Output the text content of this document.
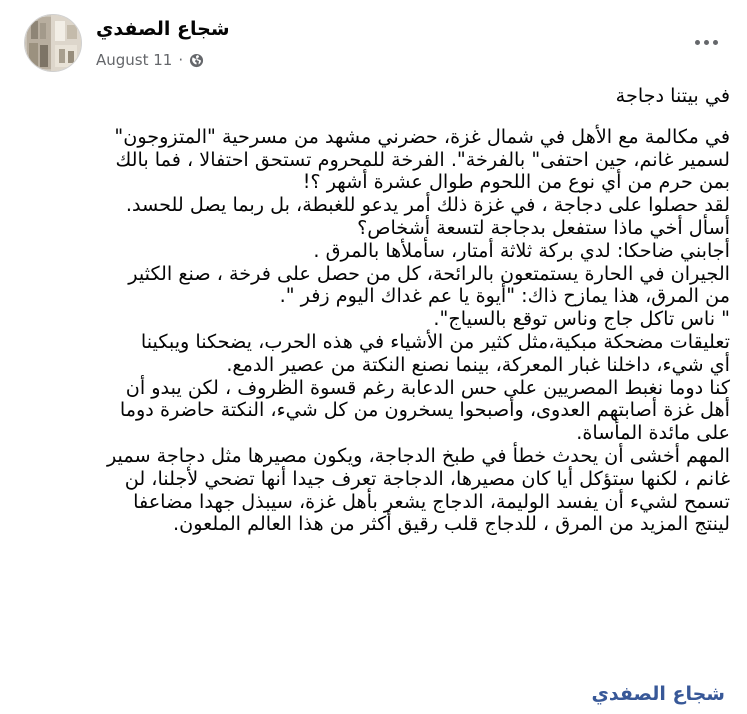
شجاع الصفدي
August 11 ·
في بيتنا دجاجة
في مكالمة مع الأهل في شمال غزة، حضرني مشهد من مسرحية "المتزوجون"
لسمير غانم، حين احتفى" بالفرخة". الفرخة للمحروم تستحق احتفالا ، فما بالك
بمن حرم من أي نوع من اللحوم طوال عشرة أشهر ؟!
لقد حصلوا على دجاجة ، في غزة ذلك أمر يدعو للغبطة، بل ربما يصل للحسد.
أسأل أخي ماذا ستفعل بدجاجة لتسعة أشخاص؟
أجابني ضاحكا: لدي بركة ثلاثة أمتار، سأملأها بالمرق .
الجيران في الحارة يستمتعون بالرائحة، كل من حصل على فرخة ، صنع الكثير
من المرق، هذا يمازح ذاك: "أيوة يا عم غداك اليوم زفر ".
" ناس تاكل جاج وناس توقع بالسياج".
تعليقات مضحكة مبكية،مثل كثير من الأشياء في هذه الحرب، يضحكنا ويبكينا
أي شيء، داخلنا غبار المعركة، بينما نصنع النكتة من عصير الدمع.
كنا دوما نغبط المصريين على حس الدعابة رغم قسوة الظروف ، لكن يبدو أن
أهل غزة أصابتهم العدوى، وأصبحوا يسخرون من كل شيء، النكتة حاضرة دوما
على مائدة المأساة.
المهم أخشى أن يحدث خطأ في طبخ الدجاجة، ويكون مصيرها مثل دجاجة سمير
غانم ، لكنها ستؤكل أيا كان مصيرها، الدجاجة تعرف جيدا أنها تضحي لأجلنا، لن
تسمح لشيء أن يفسد الوليمة، الدجاج يشعر بأهل غزة، سيبذل جهدا مضاعفا
لينتج المزيد من المرق ، للدجاج قلب رقيق أكثر من هذا العالم الملعون.
شجاع الصفدي
